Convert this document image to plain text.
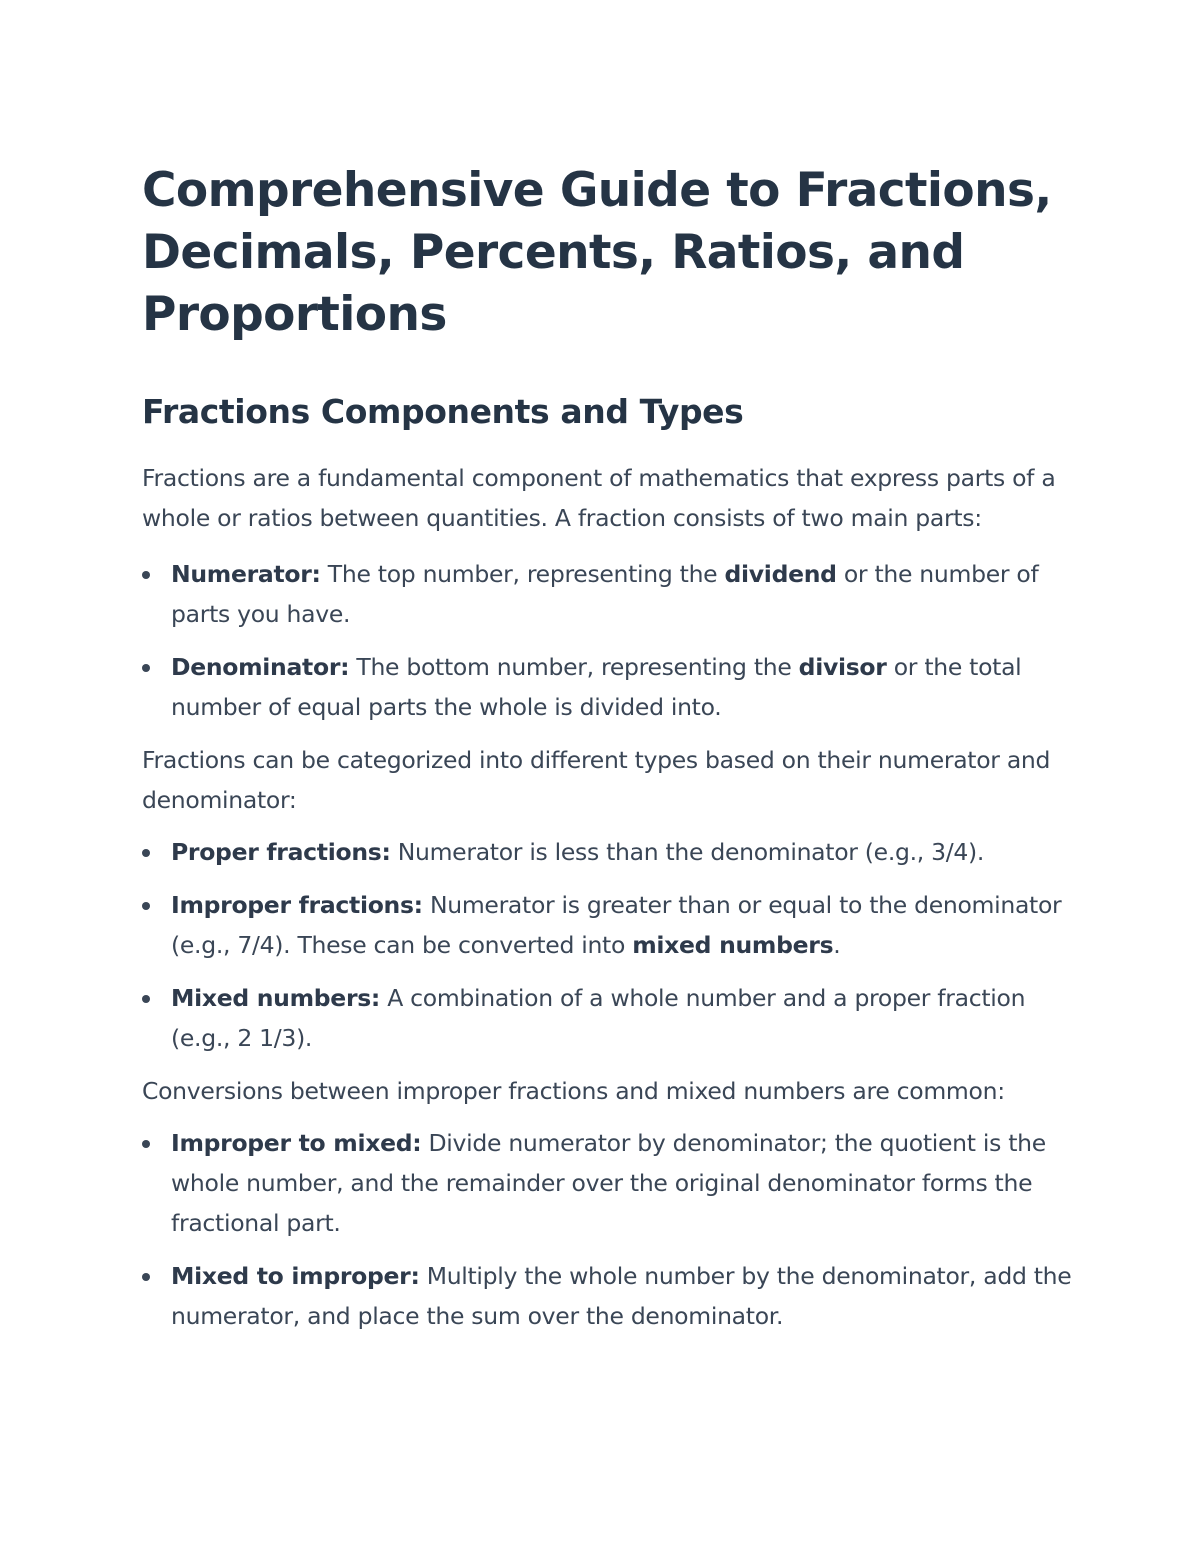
Comprehensive Guide to Fractions, Decimals, Percents, Ratios, and Proportions
Fractions Components and Types

Fractions are a fundamental component of mathematics that express parts of a whole or ratios between quantities. A fraction consists of two main parts:

Numerator: The top number, representing the dividend or the number of parts you have.
Denominator: The bottom number, representing the divisor or the total number of equal parts the whole is divided into.

Fractions can be categorized into different types based on their numerator and denominator:

Proper fractions: Numerator is less than the denominator (e.g., 3/4).
Improper fractions: Numerator is greater than or equal to the denominator (e.g., 7/4). These can be converted into mixed numbers.
Mixed numbers: A combination of a whole number and a proper fraction (e.g., 2 1/3).

Conversions between improper fractions and mixed numbers are common:

Improper to mixed: Divide numerator by denominator; the quotient is the whole number, and the remainder over the original denominator forms the fractional part.
Mixed to improper: Multiply the whole number by the denominator, add the numerator, and place the sum over the denominator.
